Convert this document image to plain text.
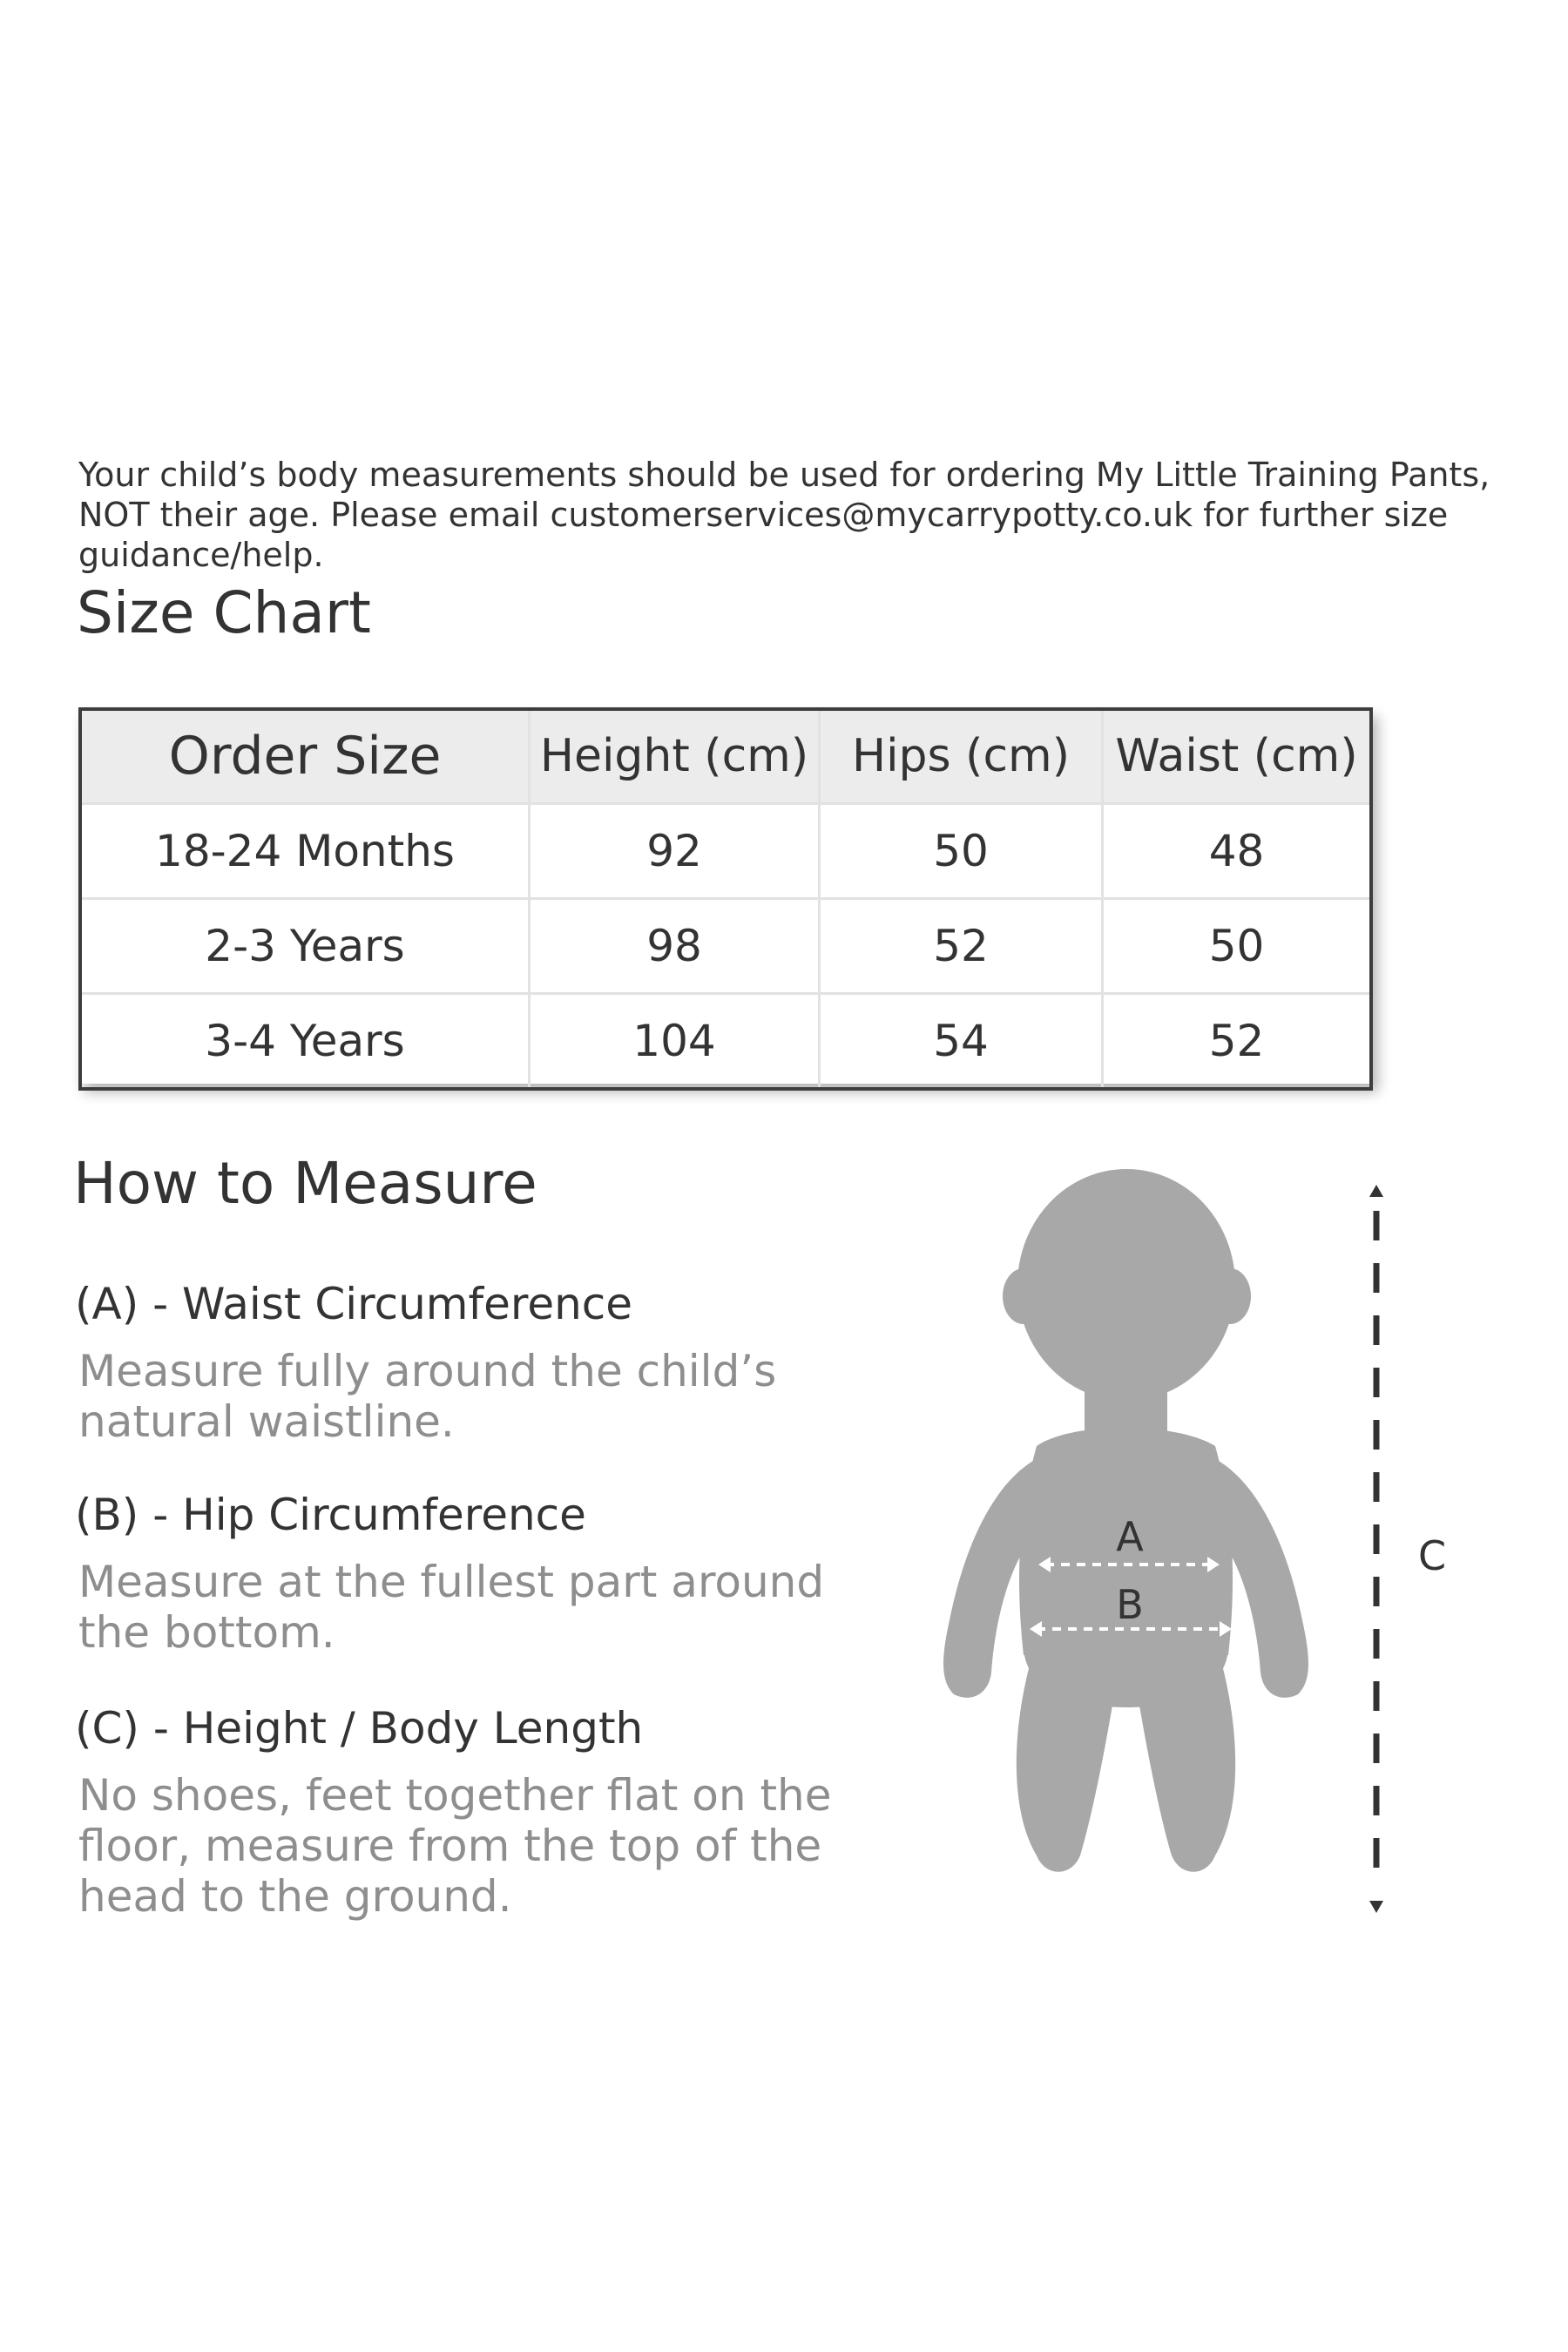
Your child’s body measurements should be used for ordering My Little Training Pants, NOT their age. Please email customerservices@mycarrypotty.co.uk for further size guidance/help.

Size Chart
Order Size	Height (cm)	Hips (cm)	Waist (cm)
18-24 Months	92	50	48
2-3 Years	98	52	50
3-4 Years	104	54	52
How to Measure
(A) - Waist Circumference

Measure fully around the child’s natural waistline.

(B) - Hip Circumference

Measure at the fullest part around the bottom.

(C) - Height / Body Length

No shoes, feet together flat on the floor, measure from the top of the head to the ground.

A
B
C
